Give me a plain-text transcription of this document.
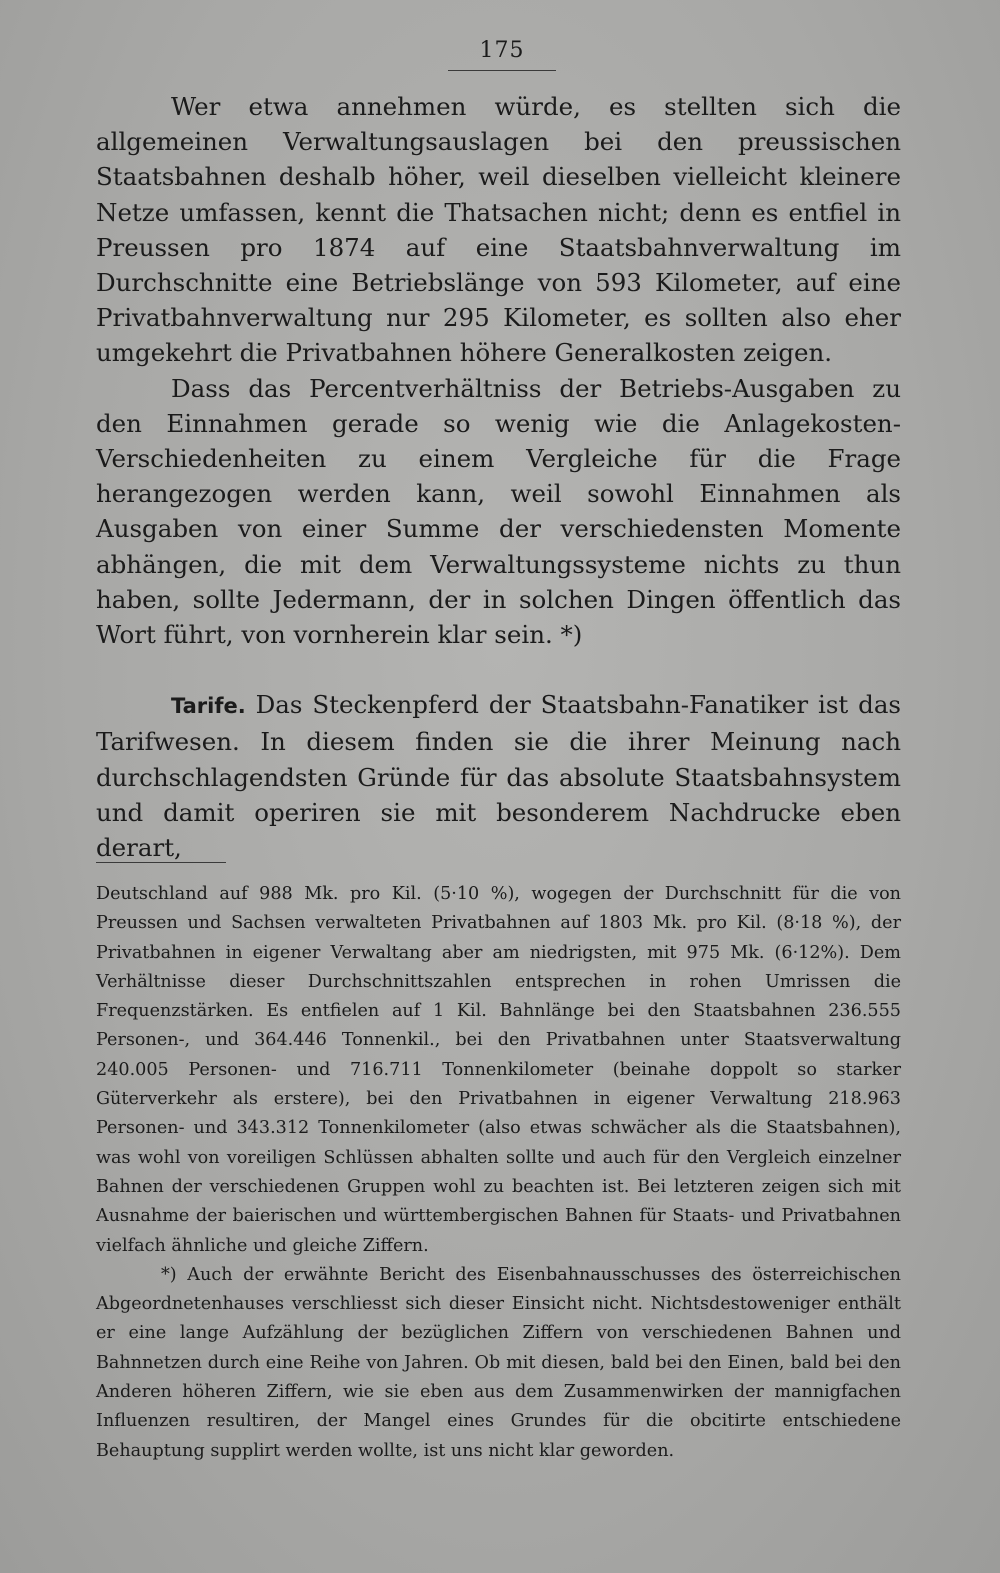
175

Wer etwa annehmen würde, es stellten sich die allgemeinen Verwaltungsauslagen bei den preussischen Staatsbahnen deshalb höher, weil dieselben vielleicht kleinere Netze umfassen, kennt die Thatsachen nicht; denn es entfiel in Preussen pro 1874 auf eine Staatsbahnverwaltung im Durchschnitte eine Betriebslänge von 593 Kilometer, auf eine Privatbahnverwaltung nur 295 Kilometer, es sollten also eher umgekehrt die Privatbahnen höhere Generalkosten zeigen.

Dass das Percentverhältniss der Betriebs-Ausgaben zu den Einnahmen gerade so wenig wie die Anlagekosten-Verschiedenheiten zu einem Vergleiche für die Frage herangezogen werden kann, weil sowohl Einnahmen als Ausgaben von einer Summe der verschiedensten Momente abhängen, die mit dem Verwaltungssysteme nichts zu thun haben, sollte Jedermann, der in solchen Dingen öffentlich das Wort führt, von vornherein klar sein. *)

Tarife. Das Steckenpferd der Staatsbahn-Fanatiker ist das Tarifwesen. In diesem finden sie die ihrer Meinung nach durchschlagendsten Gründe für das absolute Staatsbahnsystem und damit operiren sie mit besonderem Nachdrucke eben derart,

Deutschland auf 988 Mk. pro Kil. (5·10 %), wogegen der Durchschnitt für die von Preussen und Sachsen verwalteten Privatbahnen auf 1803 Mk. pro Kil. (8·18 %), der Privatbahnen in eigener Verwaltang aber am niedrigsten, mit 975 Mk. (6·12%). Dem Verhältnisse dieser Durchschnittszahlen entsprechen in rohen Umrissen die Frequenzstärken. Es entfielen auf 1 Kil. Bahnlänge bei den Staatsbahnen 236.555 Personen-, und 364.446 Tonnenkil., bei den Privatbahnen unter Staatsverwaltung 240.005 Personen- und 716.711 Tonnenkilometer (beinahe doppolt so starker Güterverkehr als erstere), bei den Privatbahnen in eigener Verwaltung 218.963 Personen- und 343.312 Tonnenkilometer (also etwas schwächer als die Staatsbahnen), was wohl von voreiligen Schlüssen abhalten sollte und auch für den Vergleich einzelner Bahnen der verschiedenen Gruppen wohl zu beachten ist. Bei letzteren zeigen sich mit Ausnahme der baierischen und württembergischen Bahnen für Staats- und Privatbahnen vielfach ähnliche und gleiche Ziffern.

*) Auch der erwähnte Bericht des Eisenbahnausschusses des österreichischen Abgeordnetenhauses verschliesst sich dieser Einsicht nicht. Nichtsdestoweniger enthält er eine lange Aufzählung der bezüglichen Ziffern von verschiedenen Bahnen und Bahnnetzen durch eine Reihe von Jahren. Ob mit diesen, bald bei den Einen, bald bei den Anderen höheren Ziffern, wie sie eben aus dem Zusammenwirken der mannigfachen Influenzen resultiren, der Mangel eines Grundes für die obcitirte entschiedene Behauptung supplirt werden wollte, ist uns nicht klar geworden.
